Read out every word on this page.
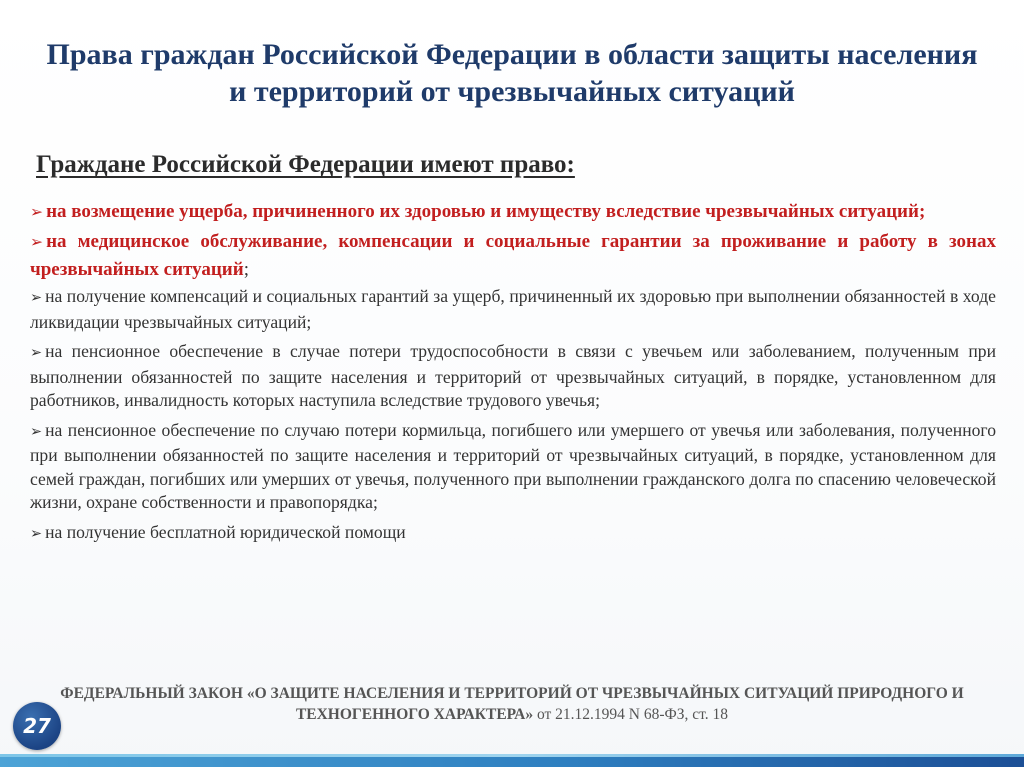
Права граждан Российской Федерации в области защиты населения и территорий от чрезвычайных ситуаций
Граждане Российской Федерации имеют право:
➢ на возмещение ущерба, причиненного их здоровью и имуществу вследствие чрезвычайных ситуаций;
➢ на медицинское обслуживание, компенсации и социальные гарантии за проживание и работу в зонах чрезвычайных ситуаций;
➢ на получение компенсаций и социальных гарантий за ущерб, причиненный их здоровью при выполнении обязанностей в ходе ликвидации чрезвычайных ситуаций;
➢ на пенсионное обеспечение в случае потери трудоспособности в связи с увечьем или заболеванием, полученным при выполнении обязанностей по защите населения и территорий от чрезвычайных ситуаций, в порядке, установленном для работников, инвалидность которых наступила вследствие трудового увечья;
➢ на пенсионное обеспечение по случаю потери кормильца, погибшего или умершего от увечья или заболевания, полученного при выполнении обязанностей по защите населения и территорий от чрезвычайных ситуаций, в порядке, установленном для семей граждан, погибших или умерших от увечья, полученного при выполнении гражданского долга по спасению человеческой жизни, охране собственности и правопорядка;
➢ на получение бесплатной юридической помощи

ФЕДЕРАЛЬНЫЙ ЗАКОН «О ЗАЩИТЕ НАСЕЛЕНИЯ И ТЕРРИТОРИЙ ОТ ЧРЕЗВЫЧАЙНЫХ СИТУАЦИЙ ПРИРОДНОГО И ТЕХНОГЕННОГО ХАРАКТЕРА» от 21.12.1994 N 68-ФЗ, ст. 18

27
